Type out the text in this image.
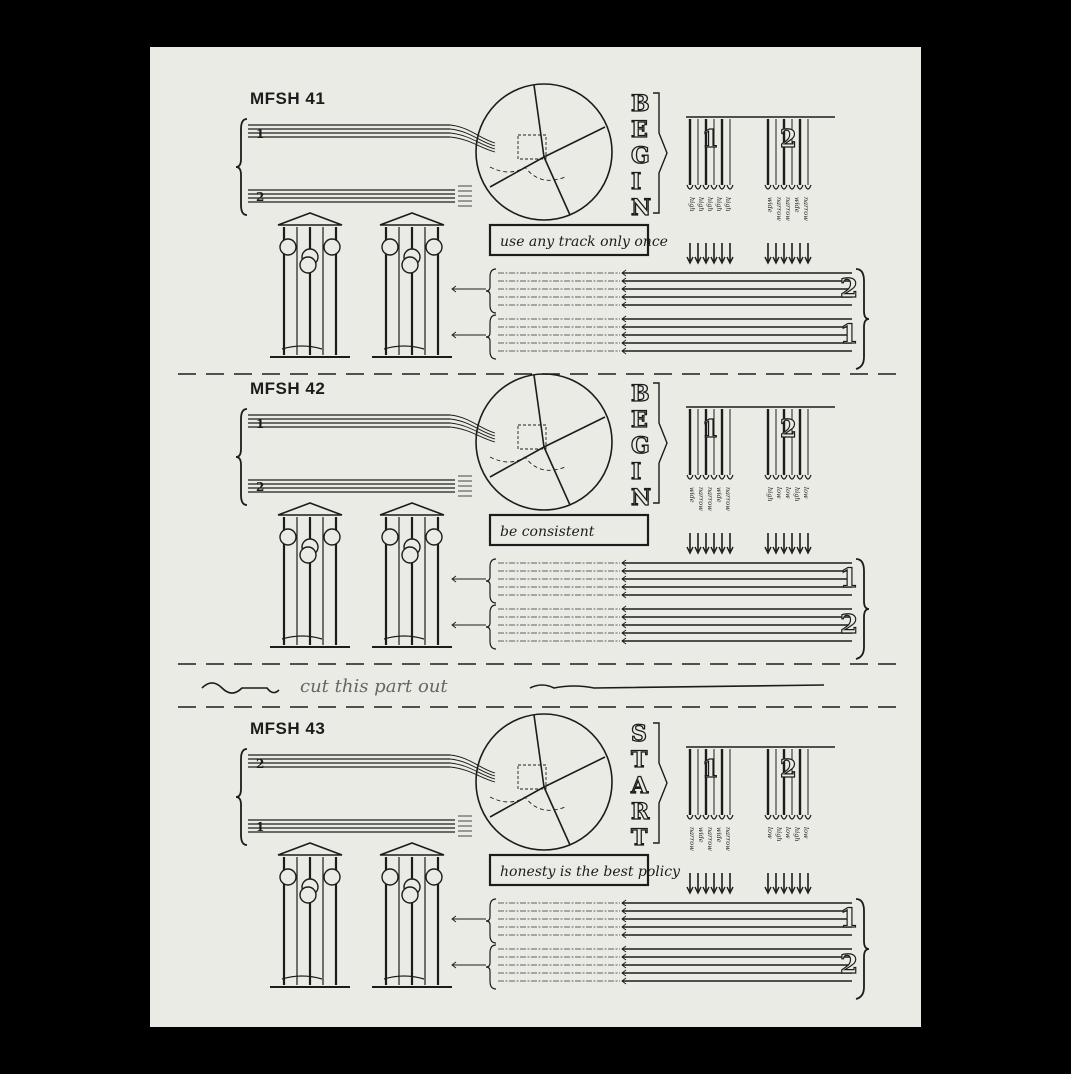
cut this part out
MFSH 41
1
2
B E G I N
use any track only once
1
high high high high high
2
wide narrow narrow wide narrow
2
1
MFSH 42
1
2
B E G I N
be consistent
1
wide narrow narrow wide narrow
2
high low low high low
1
2
MFSH 43
2
1
S T A R T
honesty is the best policy
1
narrow wide narrow wide narrow
2
low high low high low
1
2
